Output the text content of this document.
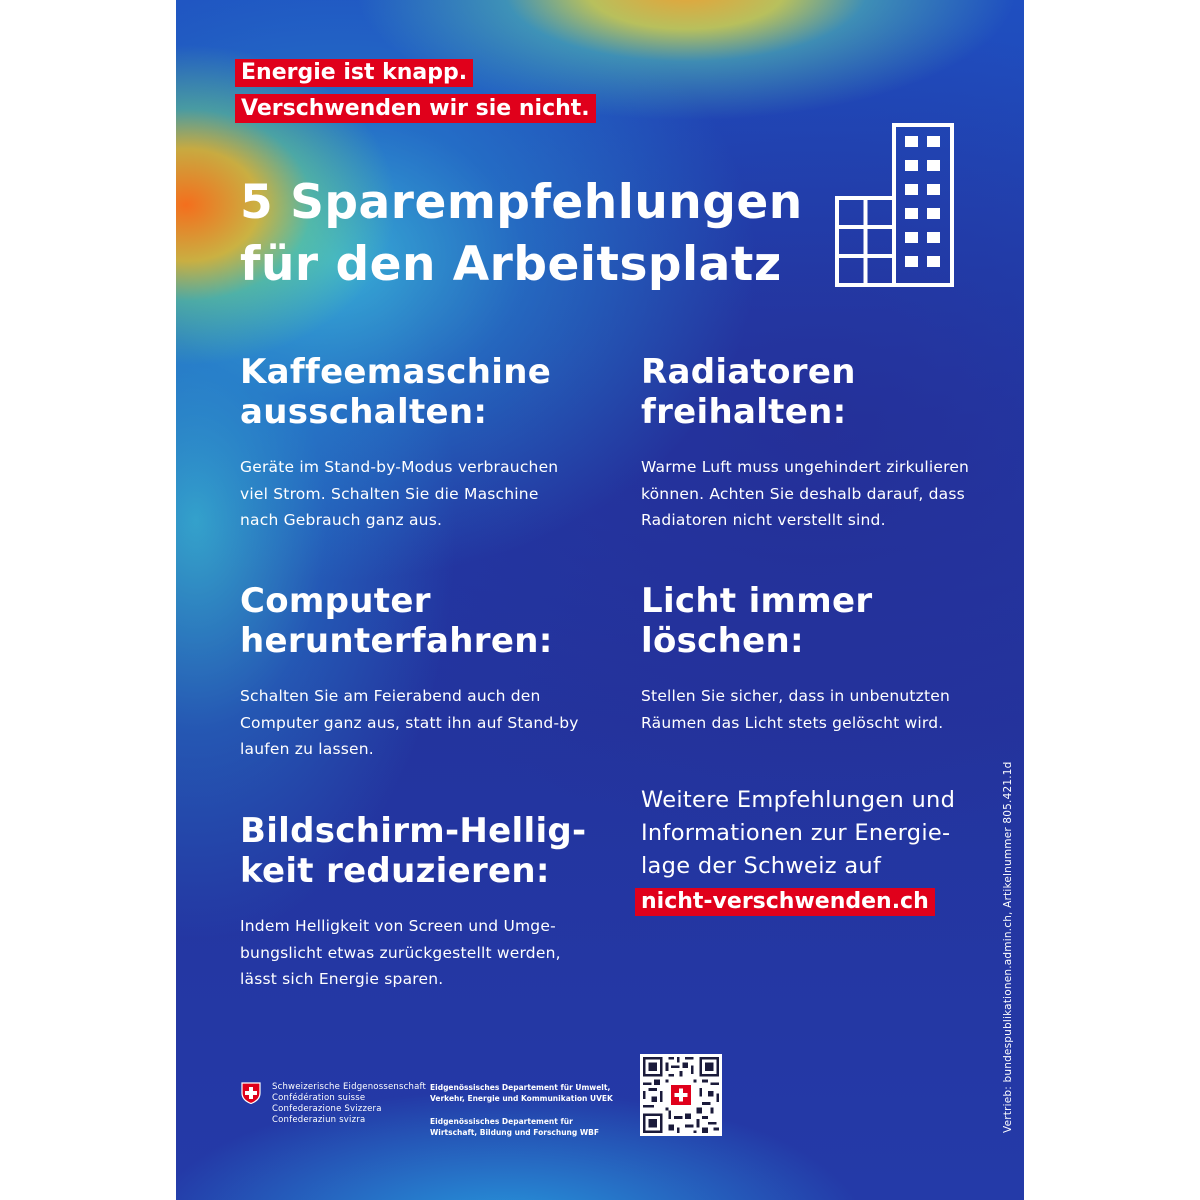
Energie ist knapp.
Verschwenden wir sie nicht.
5 Sparempfehlungen
für den Arbeitsplatz
Kaffeemaschine
ausschalten:

Geräte im Stand-by-Modus verbrauchen
viel Strom. Schalten Sie die Maschine
nach Gebrauch ganz aus.

Radiatoren
freihalten:

Warme Luft muss ungehindert zirkulieren
können. Achten Sie deshalb darauf, dass
Radiatoren nicht verstellt sind.

Computer
herunterfahren:

Schalten Sie am Feierabend auch den
Computer ganz aus, statt ihn auf Stand-by
laufen zu lassen.

Licht immer
löschen:

Stellen Sie sicher, dass in unbenutzten
Räumen das Licht stets gelöscht wird.

Bildschirm-Hellig-
keit reduzieren:

Indem Helligkeit von Screen und Umge-
bungslicht etwas zurückgestellt werden,
lässt sich Energie sparen.

Weitere Empfehlungen und
Informationen zur Energie-
lage der Schweiz auf
nicht-verschwenden.ch
Schweizerische Eidgenossenschaft
Confédération suisse
Confederazione Svizzera
Confederaziun svizra
Eidgenössisches Departement für Umwelt,
Verkehr, Energie und Kommunikation UVEK
Eidgenössisches Departement für
Wirtschaft, Bildung und Forschung WBF	Vertrieb: bundespublikationen.admin.ch, Artikelnummer 805.421.1d
